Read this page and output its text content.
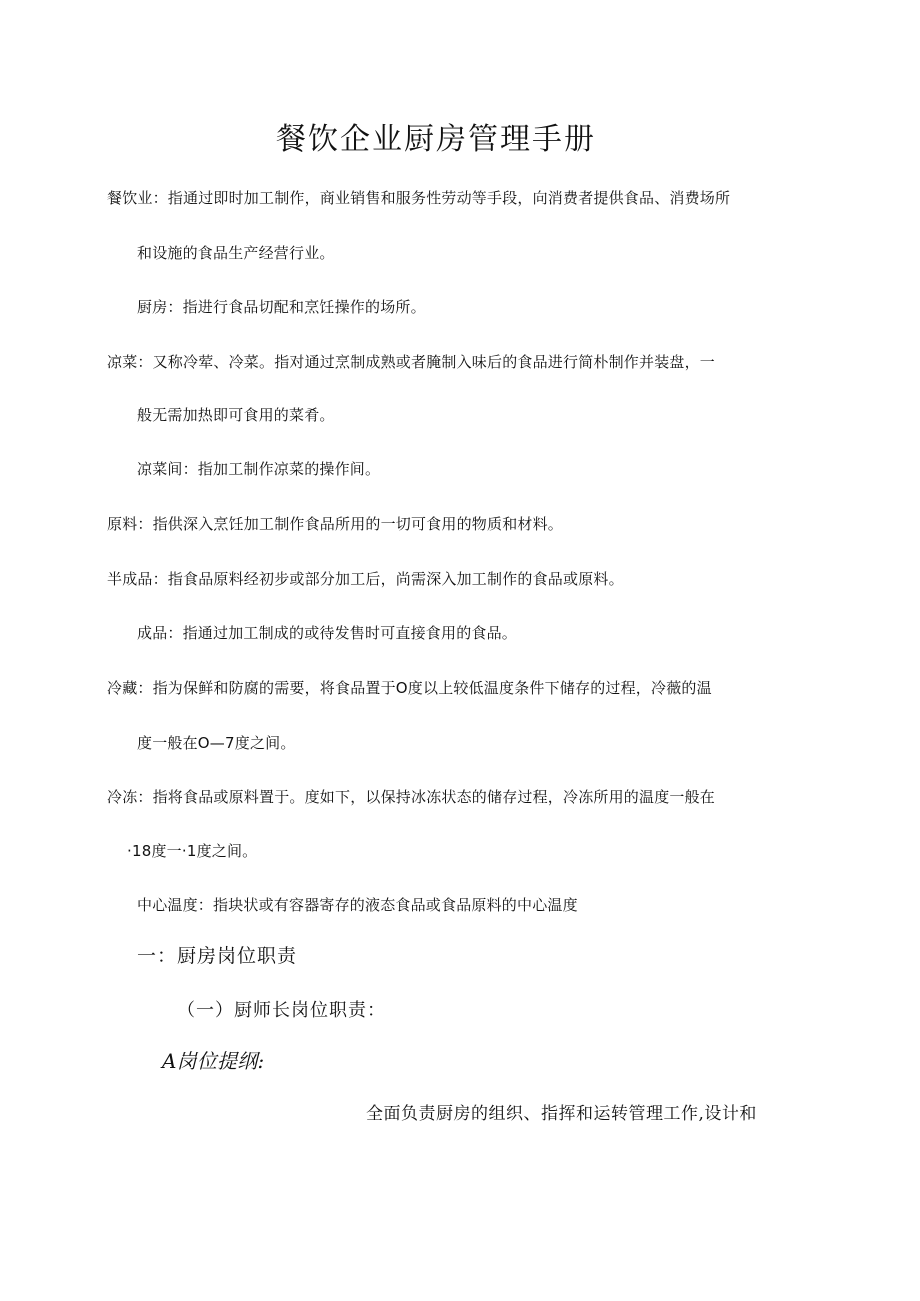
餐饮企业厨房管理手册

餐饮业：指通过即时加工制作，商业销售和服务性劳动等手段，向消费者提供食品、消费场所

和设施的食品生产经营行业。

厨房：指进行食品切配和烹饪操作的场所。

凉菜：又称冷荤、冷菜。指对通过烹制成熟或者腌制入味后的食品进行简朴制作并装盘，一

般无需加热即可食用的菜肴。

凉菜间：指加工制作凉菜的操作间。

原料：指供深入烹饪加工制作食品所用的一切可食用的物质和材料。

半成品：指食品原料经初步或部分加工后，尚需深入加工制作的食品或原料。

成品：指通过加工制成的或待发售时可直接食用的食品。

冷藏：指为保鲜和防腐的需要，将食品置于O度以上较低温度条件下储存的过程，冷薇的温

度一般在O—7度之间。

冷冻：指将食品或原料置于。度如下，以保持冰冻状态的储存过程，冷冻所用的温度一般在

·18度一·1度之间。

中心温度：指块状或有容器寄存的液态食品或食品原料的中心温度

一：厨房岗位职责
（一）厨师长岗位职责：
A岗位提纲:

全面负责厨房的组织、指挥和运转管理工作,设计和
